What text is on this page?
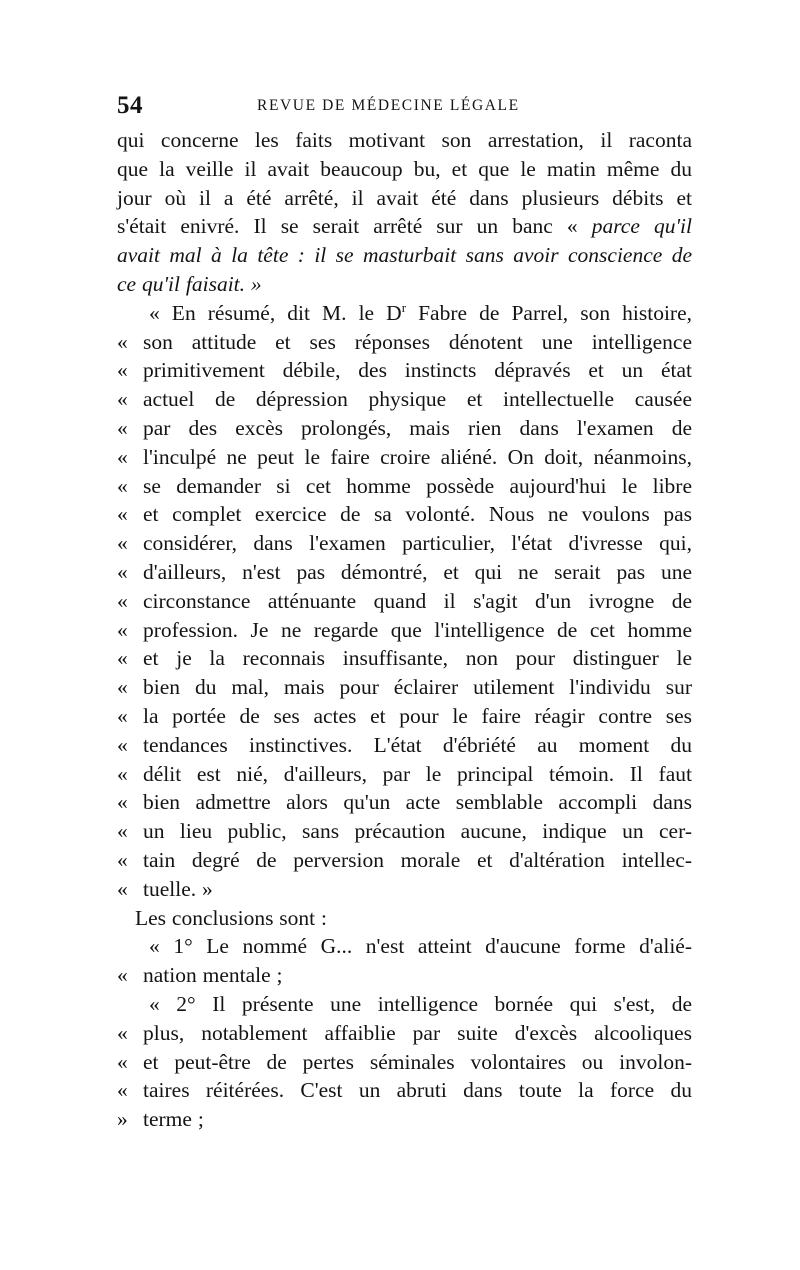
54	REVUE DE MÉDECINE LÉGALE
qui concerne les faits motivant son arrestation, il raconta
que la veille il avait beaucoup bu, et que le matin même du
jour où il a été arrêté, il avait été dans plusieurs débits et
s'était enivré. Il se serait arrêté sur un banc « parce qu'il
avait mal à la tête : il se masturbait sans avoir conscience de
ce qu'il faisait. »
« En résumé, dit M. le $D^r$ Fabre de Parrel, son histoire,
« son attitude et ses réponses dénotent une intelligence
« primitivement débile, des instincts dépravés et un état
« actuel de dépression physique et intellectuelle causée
« par des excès prolongés, mais rien dans l'examen de
« l'inculpé ne peut le faire croire aliéné. On doit, néanmoins,
« se demander si cet homme possède aujourd'hui le libre
« et complet exercice de sa volonté. Nous ne voulons pas
« considérer, dans l'examen particulier, l'état d'ivresse qui,
« d'ailleurs, n'est pas démontré, et qui ne serait pas une
« circonstance atténuante quand il s'agit d'un ivrogne de
« profession. Je ne regarde que l'intelligence de cet homme
« et je la reconnais insuffisante, non pour distinguer le
« bien du mal, mais pour éclairer utilement l'individu sur
« la portée de ses actes et pour le faire réagir contre ses
« tendances instinctives. L'état d'ébriété au moment du
« délit est nié, d'ailleurs, par le principal témoin. Il faut
« bien admettre alors qu'un acte semblable accompli dans
« un lieu public, sans précaution aucune, indique un cer-
« tain degré de perversion morale et d'altération intellec-
« tuelle. »
Les conclusions sont :
« 1° Le nommé G... n'est atteint d'aucune forme d'alié-
« nation mentale ;
« 2° Il présente une intelligence bornée qui s'est, de
« plus, notablement affaiblie par suite d'excès alcooliques
« et peut-être de pertes séminales volontaires ou involon-
« taires réitérées. C'est un abruti dans toute la force du
» terme ;
